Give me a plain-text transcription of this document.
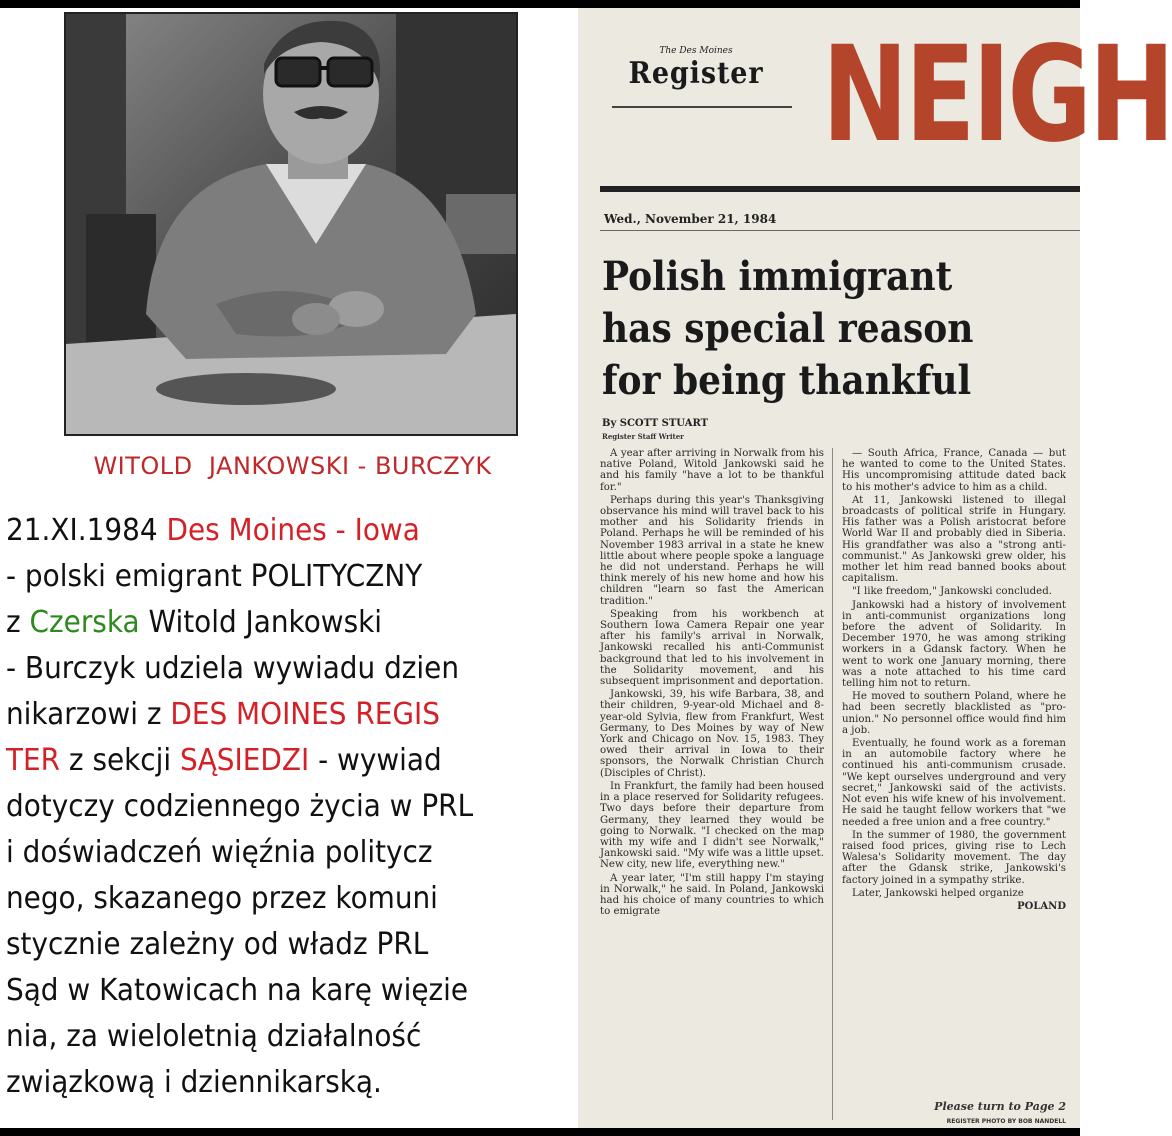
WITOLD  JANKOWSKI - BURCZYK
21.XI.1984 Des Moines - Iowa
- polski emigrant POLITYCZNY
z Czerska Witold Jankowski
- Burczyk udziela wywiadu dzien
nikarzowi z DES MOINES REGIS
TER z sekcji SĄSIEDZI - wywiad
dotyczy codziennego życia w PRL
i doświadczeń więźnia politycz
nego, skazanego przez komuni
stycznie zależny od władz PRL
Sąd w Katowicach na karę więzie
nia, za wieloletnią działalność
związkową i dziennikarską.
The Des Moines
Register NEIGH
Wed., November 21, 1984
Polish immigrant
has special reason
for being thankful
By SCOTT STUART
Register Staff Writer

A year after arriving in Norwalk from his native Poland, Witold Jankowski said he and his family "have a lot to be thankful for."

Perhaps during this year's Thanksgiving observance his mind will travel back to his mother and his Solidarity friends in Poland. Perhaps he will be reminded of his November 1983 arrival in a state he knew little about where people spoke a language he did not understand. Perhaps he will think merely of his new home and how his children "learn so fast the American tradition."

Speaking from his workbench at Southern Iowa Camera Repair one year after his family's arrival in Norwalk, Jankowski recalled his anti-Communist background that led to his involvement in the Solidarity movement, and his subsequent imprisonment and deportation.

Jankowski, 39, his wife Barbara, 38, and their children, 9-year-old Michael and 8-year-old Sylvia, flew from Frankfurt, West Germany, to Des Moines by way of New York and Chicago on Nov. 15, 1983. They owed their arrival in Iowa to their sponsors, the Norwalk Christian Church (Disciples of Christ).

In Frankfurt, the family had been housed in a place reserved for Solidarity refugees. Two days before their departure from Germany, they learned they would be going to Norwalk. "I checked on the map with my wife and I didn't see Norwalk," Jankowski said. "My wife was a little upset. New city, new life, everything new."

A year later, "I'm still happy I'm staying in Norwalk," he said. In Poland, Jankowski had his choice of many countries to which to emigrate

— South Africa, France, Canada — but he wanted to come to the United States. His uncompromising attitude dated back to his mother's advice to him as a child.

At 11, Jankowski listened to illegal broadcasts of political strife in Hungary. His father was a Polish aristocrat before World War II and probably died in Siberia. His grandfather was also a "strong anti-communist." As Jankowski grew older, his mother let him read banned books about capitalism.

"I like freedom," Jankowski concluded.

Jankowski had a history of involvement in anti-communist organizations long before the advent of Solidarity. In December 1970, he was among striking workers in a Gdansk factory. When he went to work one January morning, there was a note attached to his time card telling him not to return.

He moved to southern Poland, where he had been secretly blacklisted as "pro-union." No personnel office would find him a job.

Eventually, he found work as a foreman in an automobile factory where he continued his anti-communism crusade. "We kept ourselves underground and very secret," Jankowski said of the activists. Not even his wife knew of his involvement. He said he taught fellow workers that "we needed a free union and a free country."

In the summer of 1980, the government raised food prices, giving rise to Lech Walesa's Solidarity movement. The day after the Gdansk strike, Jankowski's factory joined in a sympathy strike.

Later, Jankowski helped organize

POLAND
Please turn to Page 2
REGISTER PHOTO BY BOB NANDELL
